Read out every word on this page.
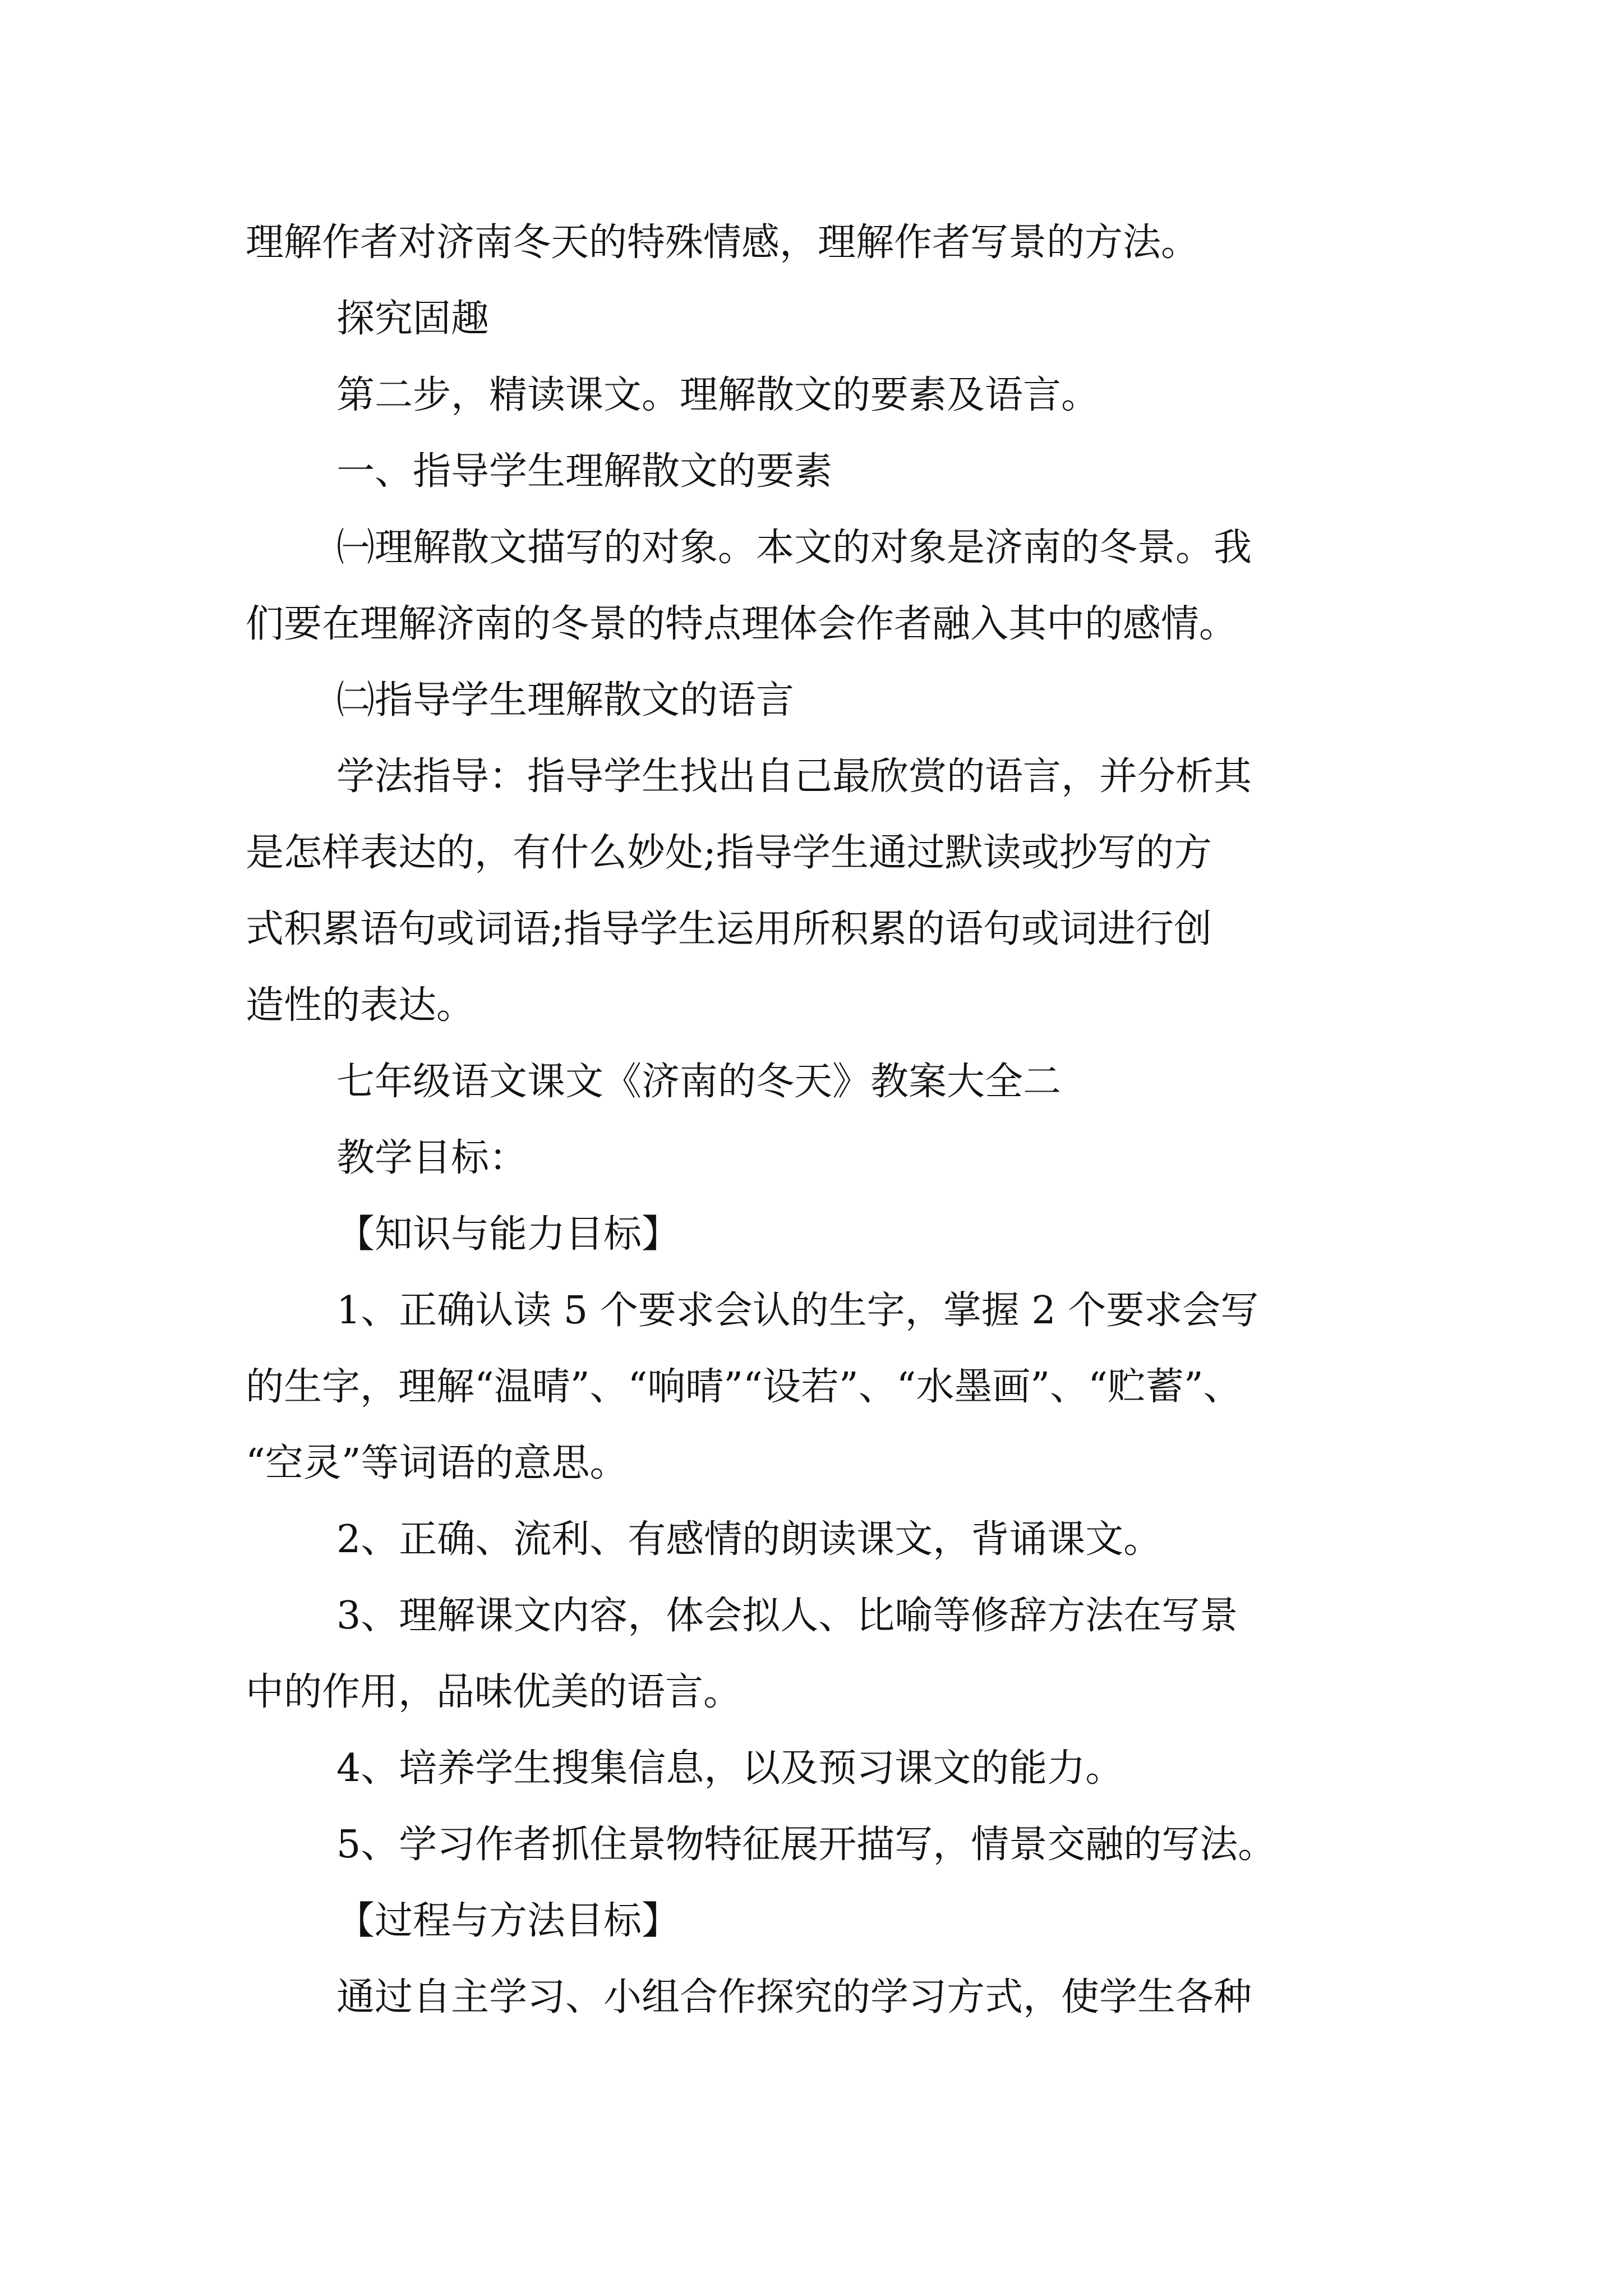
理解作者对济南冬天的特殊情感，理解作者写景的方法。
探究固趣
第二步，精读课文。理解散文的要素及语言。
一、指导学生理解散文的要素
㈠理解散文描写的对象。本文的对象是济南的冬景。我
们要在理解济南的冬景的特点理体会作者融入其中的感情。
㈡指导学生理解散文的语言
学法指导：指导学生找出自己最欣赏的语言，并分析其
是怎样表达的，有什么妙处;指导学生通过默读或抄写的方
式积累语句或词语;指导学生运用所积累的语句或词进行创
造性的表达。
七年级语文课文《济南的冬天》教案大全二
教学目标：
【知识与能力目标】
1、正确认读 5 个要求会认的生字，掌握 2 个要求会写
的生字，理解“温晴”、“响晴”“设若”、“水墨画”、“贮蓄”、
“空灵”等词语的意思。
2、正确、流利、有感情的朗读课文，背诵课文。
3、理解课文内容，体会拟人、比喻等修辞方法在写景
中的作用，品味优美的语言。
4、培养学生搜集信息，以及预习课文的能力。
5、学习作者抓住景物特征展开描写，情景交融的写法。
【过程与方法目标】
通过自主学习、小组合作探究的学习方式，使学生各种
